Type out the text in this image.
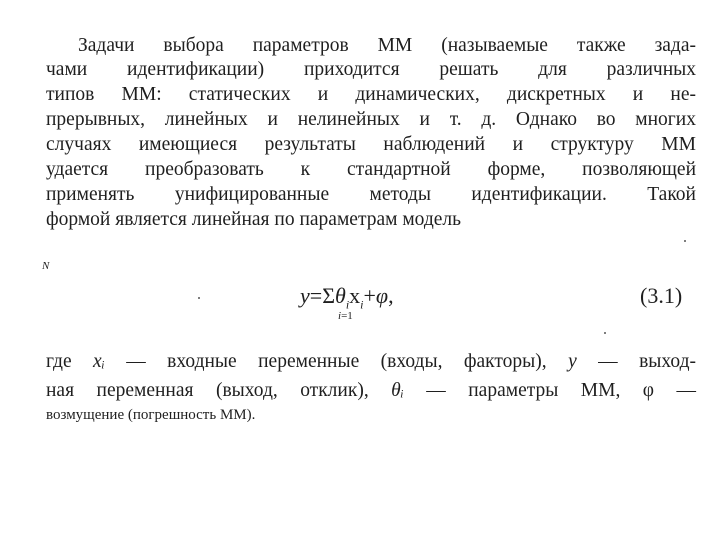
Задачи выбора параметров ММ (называемые также зада-
чами идентификации) приходится решать для различных
типов ММ: статических и динамических, дискретных и не-
прерывных, линейных и нелинейных и т. д. Однако во многих
случаях имеющиеся результаты наблюдений и структуру ММ
удается преобразовать к стандартной форме, позволяющей
применять унифицированные методы идентификации. Такой
формой является линейная по параметрам модель
N
$y=\Sigma\theta_ix_i+\varphi$,
i=1
(3.1)
где xᵢ — входные переменные (входы, факторы), y — выход-
ная переменная (выход, отклик), θᵢ — параметры ММ, φ —
возмущение (погрешность ММ).
